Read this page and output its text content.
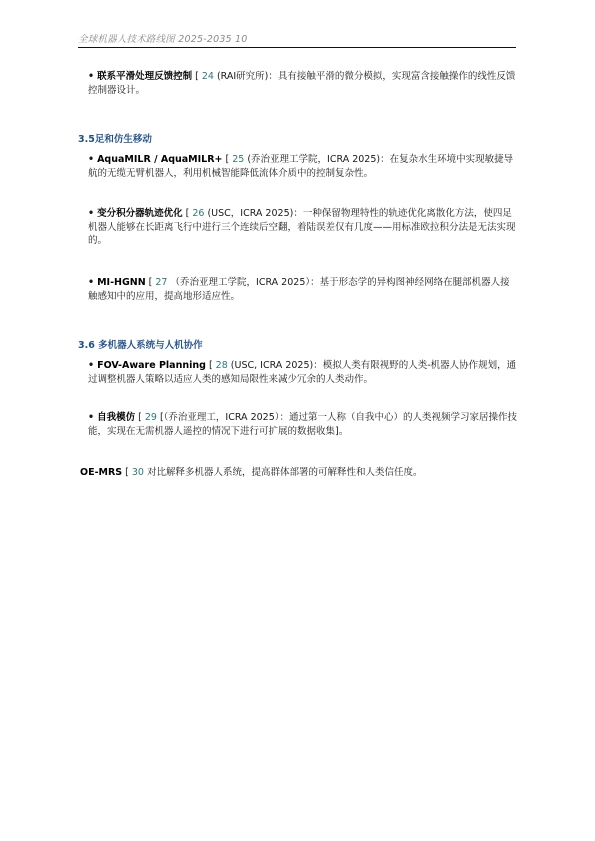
全球机器人技术路线图 2025-2035 10
• 联系平滑处理反馈控制 [ 24 (RAI研究所)：具有接触平滑的微分模拟，实现富含接触操作的线性反馈控制器设计。
3.5足和仿生移动
• AquaMILR / AquaMILR+ [ 25 (乔治亚理工学院，ICRA 2025)：在复杂水生环境中实现敏捷导航的无缆无臂机器人，利用机械智能降低流体介质中的控制复杂性。
• 变分积分器轨迹优化 [ 26 (USC，ICRA 2025)：一种保留物理特性的轨迹优化离散化方法，使四足机器人能够在长距离飞行中进行三个连续后空翻，着陆误差仅有几度——用标准欧拉积分法是无法实现的。
• MI-HGNN [ 27 （乔治亚理工学院，ICRA 2025）：基于形态学的异构图神经网络在腿部机器人接触感知中的应用，提高地形适应性。
3.6 多机器人系统与人机协作
• FOV-Aware Planning [ 28 (USC, ICRA 2025)：模拟人类有限视野的人类-机器人协作规划，通过调整机器人策略以适应人类的感知局限性来减少冗余的人类动作。
• 自我模仿 [ 29 [（乔治亚理工，ICRA 2025）：通过第一人称（自我中心）的人类视频学习家居操作技能，实现在无需机器人遥控的情况下进行可扩展的数据收集]。
OE-MRS [ 30 对比解释多机器人系统，提高群体部署的可解释性和人类信任度。
